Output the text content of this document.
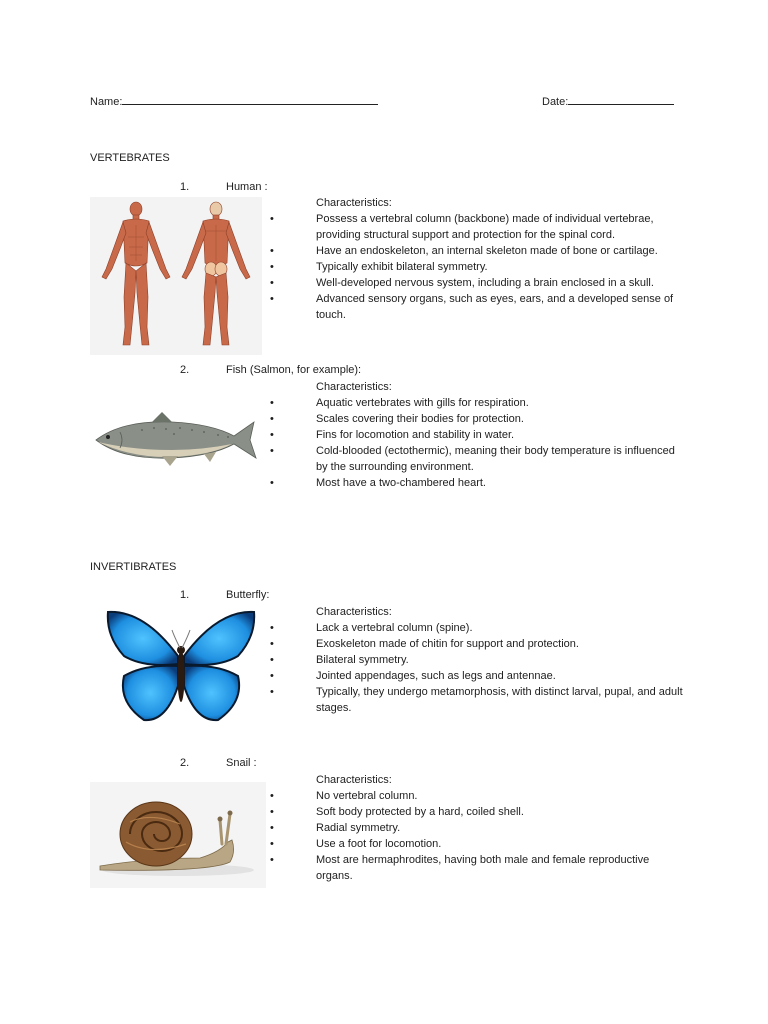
Name:	Date:
VERTEBRATES
1.	Human :
Characteristics:
•	Possess a vertebral column (backbone) made of individual vertebrae, providing structural support and protection for the spinal cord.
•	Have an endoskeleton, an internal skeleton made of bone or cartilage.
•	Typically exhibit bilateral symmetry.
•	Well-developed nervous system, including a brain enclosed in a skull.
•	Advanced sensory organs, such as eyes, ears, and a developed sense of touch.
2.	Fish (Salmon, for example):
Characteristics:
•	Aquatic vertebrates with gills for respiration.
•	Scales covering their bodies for protection.
•	Fins for locomotion and stability in water.
•	Cold-blooded (ectothermic), meaning their body temperature is influenced by the surrounding environment.
•	Most have a two-chambered heart.
INVERTIBRATES
1.	Butterfly:
Characteristics:
•	Lack a vertebral column (spine).
•	Exoskeleton made of chitin for support and protection.
•	Bilateral symmetry.
•	Jointed appendages, such as legs and antennae.
•	Typically, they undergo metamorphosis, with distinct larval, pupal, and adult stages.
2.	Snail :
Characteristics:
•	No vertebral column.
•	Soft body protected by a hard, coiled shell.
•	Radial symmetry.
•	Use a foot for locomotion.
•	Most are hermaphrodites, having both male and female reproductive organs.
